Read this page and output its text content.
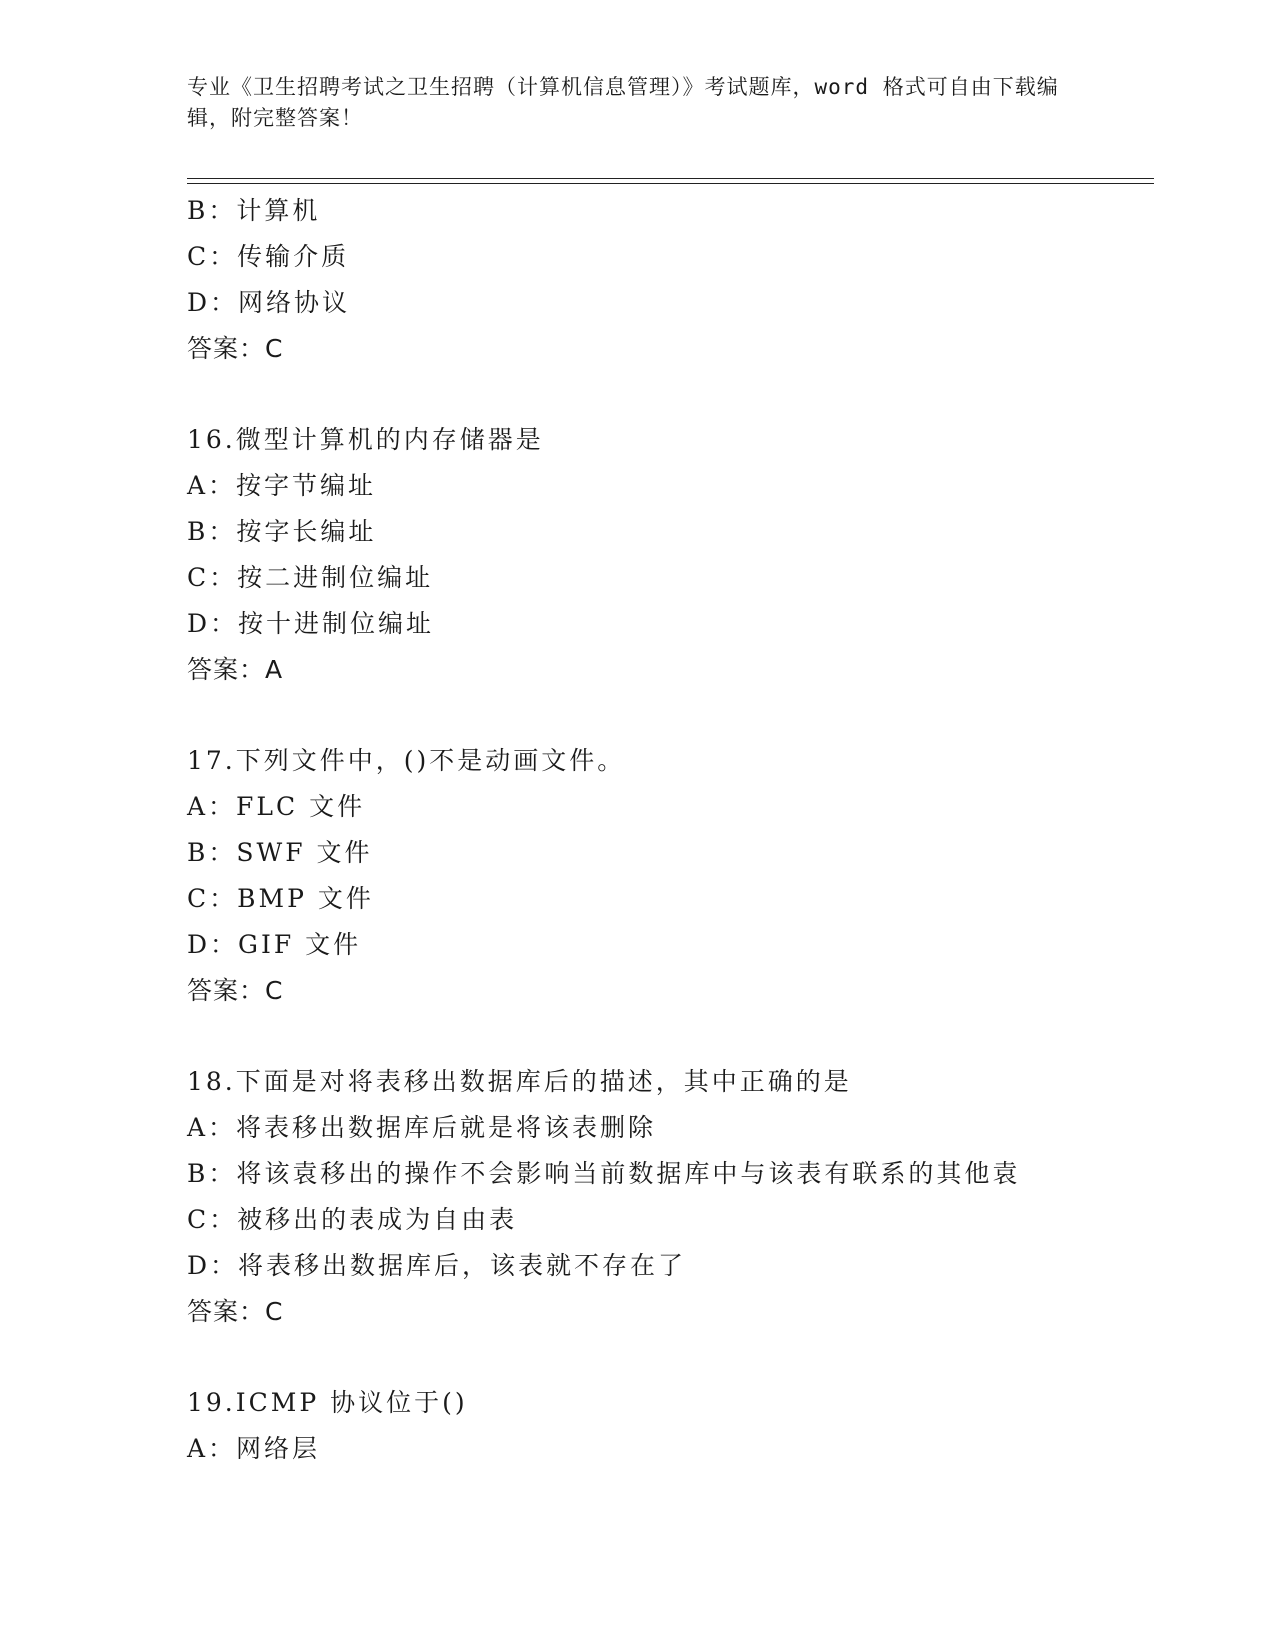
专业《卫生招聘考试之卫生招聘（计算机信息管理）》考试题库，word 格式可自由下载编辑，附完整答案！
B：计算机
C：传输介质
D：网络协议
答案：C
16.微型计算机的内存储器是
A：按字节编址
B：按字长编址
C：按二进制位编址
D：按十进制位编址
答案：A
17.下列文件中，()不是动画文件。
A：FLC 文件
B：SWF 文件
C：BMP 文件
D：GIF 文件
答案：C
18.下面是对将表移出数据库后的描述，其中正确的是
A：将表移出数据库后就是将该表删除
B：将该袁移出的操作不会影响当前数据库中与该表有联系的其他袁
C：被移出的表成为自由表
D：将表移出数据库后，该表就不存在了
答案：C
19.ICMP 协议位于()
A：网络层
